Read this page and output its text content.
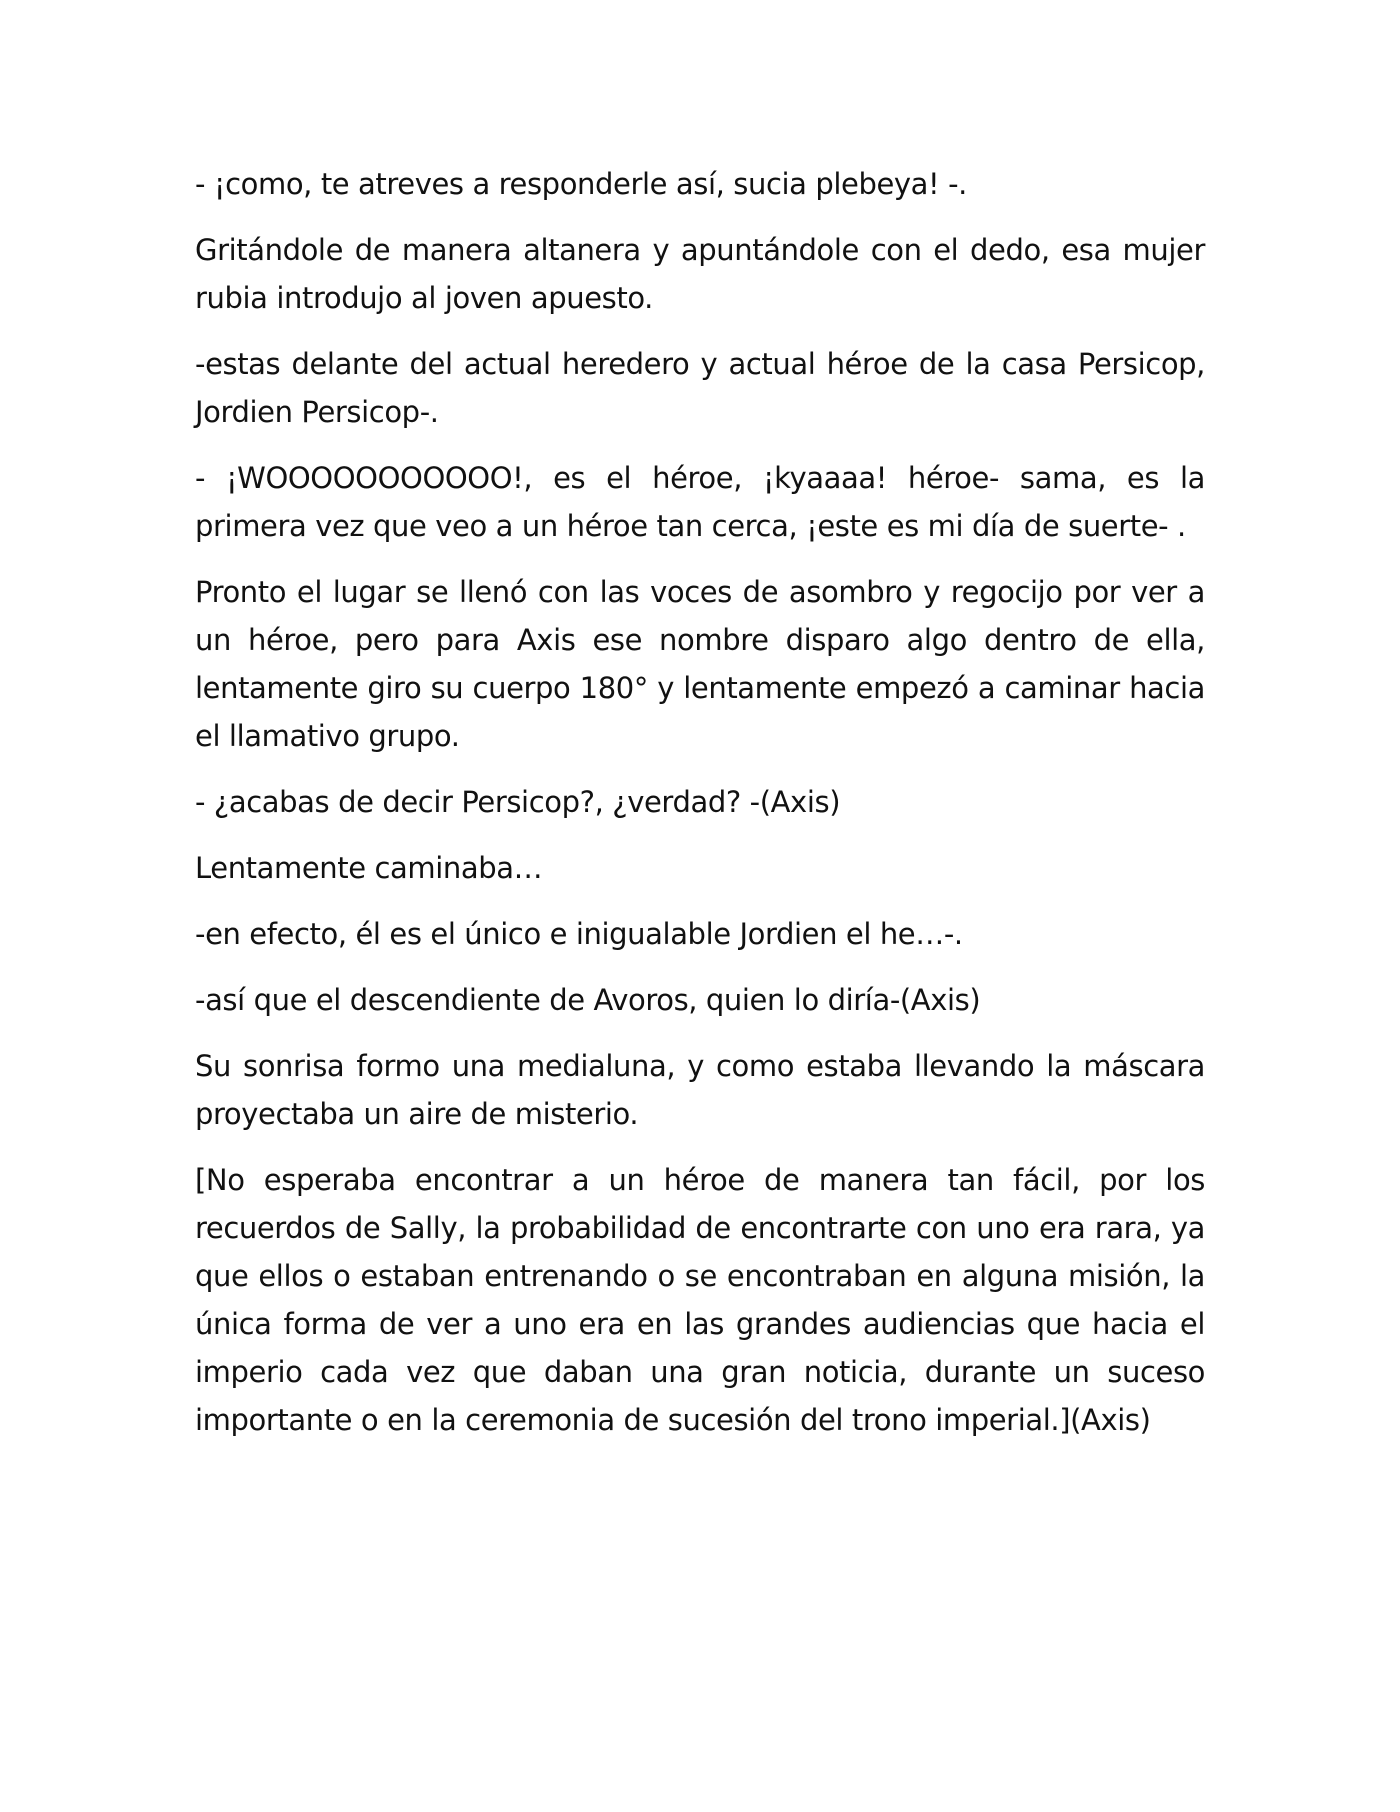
- ¡como, te atreves a responderle así, sucia plebeya! -.

Gritándole de manera altanera y apuntándole con el dedo, esa mujer rubia introdujo al joven apuesto.

-estas delante del actual heredero y actual héroe de la casa Persicop, Jordien Persicop-.

- ¡WOOOOOOOOOOO!, es el héroe, ¡kyaaaa! héroe- sama, es la primera vez que veo a un héroe tan cerca, ¡este es mi día de suerte- .

Pronto el lugar se llenó con las voces de asombro y regocijo por ver a un héroe, pero para Axis ese nombre disparo algo dentro de ella, lentamente giro su cuerpo 180° y lentamente empezó a caminar hacia el llamativo grupo.

- ¿acabas de decir Persicop?, ¿verdad? -(Axis)

Lentamente caminaba…

-en efecto, él es el único e inigualable Jordien el he…-.

-así que el descendiente de Avoros, quien lo diría-(Axis)

Su sonrisa formo una medialuna, y como estaba llevando la máscara proyectaba un aire de misterio.

[No esperaba encontrar a un héroe de manera tan fácil, por los recuerdos de Sally, la probabilidad de encontrarte con uno era rara, ya que ellos o estaban entrenando o se encontraban en alguna misión, la única forma de ver a uno era en las grandes audiencias que hacia el imperio cada vez que daban una gran noticia, durante un suceso importante o en la ceremonia de sucesión del trono imperial.](Axis)
